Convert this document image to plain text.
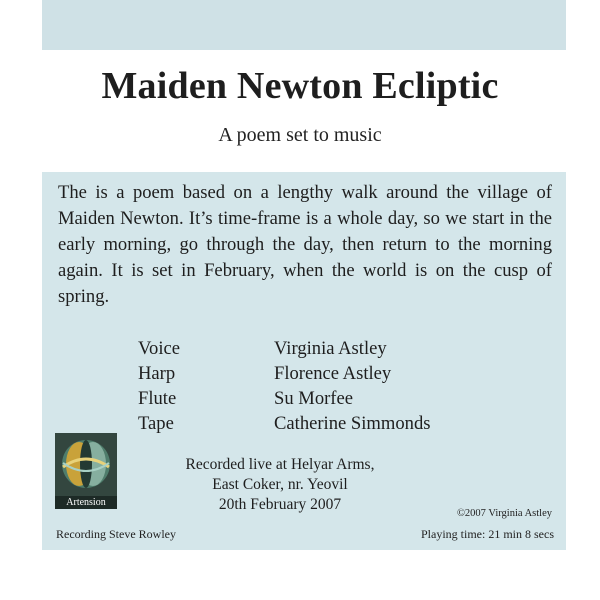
Maiden Newton Ecliptic
A poem set to music
The is a poem based on a lengthy walk around the village of Maiden Newton. It’s time-frame is a whole day, so we start in the early morning, go through the day, then return to the morning again. It is set in February, when the world is on the cusp of spring.
Voice	Virginia Astley
Harp	Florence Astley
Flute	Su Morfee
Tape	Catherine Simmonds
Artension
Recorded live at Helyar Arms,
East Coker, nr. Yeovil
20th February 2007
©2007 Virginia Astley
Recording Steve Rowley	Playing time: 21 min 8 secs
